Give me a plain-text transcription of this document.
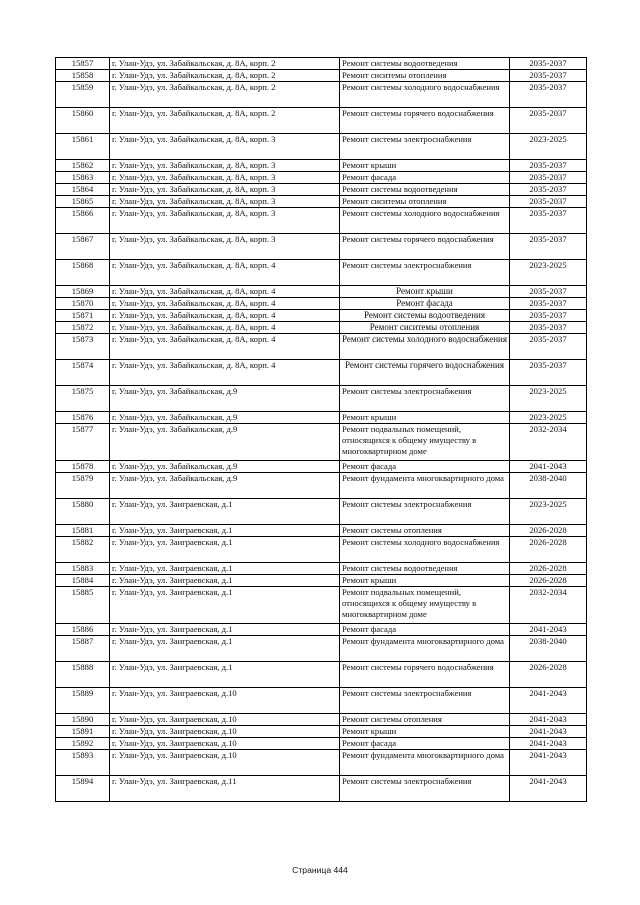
15857	г. Улан-Удэ, ул. Забайкальская, д. 8А, корп. 2	Ремонт системы водоотведения	2035-2037
15858	г. Улан-Удэ, ул. Забайкальская, д. 8А, корп. 2	Ремонт сиситемы отопления	2035-2037
15859	г. Улан-Удэ, ул. Забайкальская, д. 8А, корп. 2	Ремонт системы холодного водоснабжения	2035-2037
15860	г. Улан-Удэ, ул. Забайкальская, д. 8А, корп. 2	Ремонт системы горячего водоснабжения	2035-2037
15861	г. Улан-Удэ, ул. Забайкальская, д. 8А, корп. 3	Ремонт системы электроснабжения	2023-2025
15862	г. Улан-Удэ, ул. Забайкальская, д. 8А, корп. 3	Ремонт крыши	2035-2037
15863	г. Улан-Удэ, ул. Забайкальская, д. 8А, корп. 3	Ремонт фасада	2035-2037
15864	г. Улан-Удэ, ул. Забайкальская, д. 8А, корп. 3	Ремонт системы водоотведения	2035-2037
15865	г. Улан-Удэ, ул. Забайкальская, д. 8А, корп. 3	Ремонт сиситемы отопления	2035-2037
15866	г. Улан-Удэ, ул. Забайкальская, д. 8А, корп. 3	Ремонт системы холодного водоснабжения	2035-2037
15867	г. Улан-Удэ, ул. Забайкальская, д. 8А, корп. 3	Ремонт системы горячего водоснабжения	2035-2037
15868	г. Улан-Удэ, ул. Забайкальская, д. 8А, корп. 4	Ремонт системы электроснабжения	2023-2025
15869	г. Улан-Удэ, ул. Забайкальская, д. 8А, корп. 4	Ремонт крыши	2035-2037
15870	г. Улан-Удэ, ул. Забайкальская, д. 8А, корп. 4	Ремонт фасада	2035-2037
15871	г. Улан-Удэ, ул. Забайкальская, д. 8А, корп. 4	Ремонт системы водоотведения	2035-2037
15872	г. Улан-Удэ, ул. Забайкальская, д. 8А, корп. 4	Ремонт сиситемы отопления	2035-2037
15873	г. Улан-Удэ, ул. Забайкальская, д. 8А, корп. 4	Ремонт системы холодного водоснабжения	2035-2037
15874	г. Улан-Удэ, ул. Забайкальская, д. 8А, корп. 4	Ремонт системы горячего водоснабжения	2035-2037
15875	г. Улан-Удэ, ул. Забайкальская, д.9	Ремонт системы электроснабжения	2023-2025
15876	г. Улан-Удэ, ул. Забайкальская, д.9	Ремонт крыши	2023-2025
15877	г. Улан-Удэ, ул. Забайкальская, д.9	Ремонт подвальных помещений, относящихся к общему имуществу в многоквартирном доме	2032-2034
15878	г. Улан-Удэ, ул. Забайкальская, д.9	Ремонт фасада	2041-2043
15879	г. Улан-Удэ, ул. Забайкальская, д.9	Ремонт фундамента многоквартирного дома	2038-2040
15880	г. Улан-Удэ, ул. Заиграевская, д.1	Ремонт системы электроснабжения	2023-2025
15881	г. Улан-Удэ, ул. Заиграевская, д.1	Ремонт системы отопления	2026-2028
15882	г. Улан-Удэ, ул. Заиграевская, д.1	Ремонт системы холодного водоснабжения	2026-2028
15883	г. Улан-Удэ, ул. Заиграевская, д.1	Ремонт системы водоотведения	2026-2028
15884	г. Улан-Удэ, ул. Заиграевская, д.1	Ремонт крыши	2026-2028
15885	г. Улан-Удэ, ул. Заиграевская, д.1	Ремонт подвальных помещений, относящихся к общему имуществу в многоквартирном доме	2032-2034
15886	г. Улан-Удэ, ул. Заиграевская, д.1	Ремонт фасада	2041-2043
15887	г. Улан-Удэ, ул. Заиграевская, д.1	Ремонт фундамента многоквартирного дома	2038-2040
15888	г. Улан-Удэ, ул. Заиграевская, д.1	Ремонт системы горячего водоснабжения	2026-2028
15889	г. Улан-Удэ, ул. Заиграевская, д.10	Ремонт системы электроснабжения	2041-2043
15890	г. Улан-Удэ, ул. Заиграевская, д.10	Ремонт системы отопления	2041-2043
15891	г. Улан-Удэ, ул. Заиграевская, д.10	Ремонт крыши	2041-2043
15892	г. Улан-Удэ, ул. Заиграевская, д.10	Ремонт фасада	2041-2043
15893	г. Улан-Удэ, ул. Заиграевская, д.10	Ремонт фундамента многоквартирного дома	2041-2043
15894	г. Улан-Удэ, ул. Заиграевская, д.11	Ремонт системы электроснабжения	2041-2043
Страница 444
